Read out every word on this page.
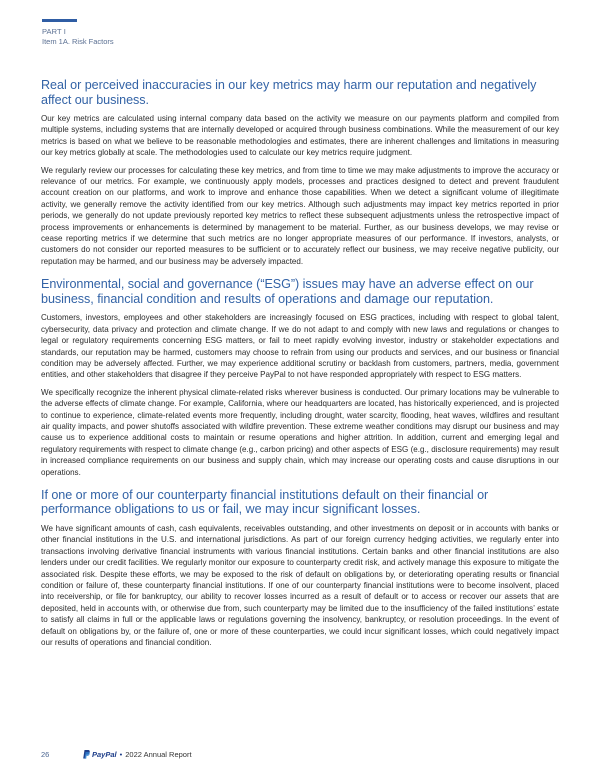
PART I
Item 1A. Risk Factors
Real or perceived inaccuracies in our key metrics may harm our reputation and negatively affect our business.

Our key metrics are calculated using internal company data based on the activity we measure on our payments platform and compiled from multiple systems, including systems that are internally developed or acquired through business combinations. While the measurement of our key metrics is based on what we believe to be reasonable methodologies and estimates, there are inherent challenges and limitations in measuring our key metrics globally at scale. The methodologies used to calculate our key metrics require judgment.

We regularly review our processes for calculating these key metrics, and from time to time we may make adjustments to improve the accuracy or relevance of our metrics. For example, we continuously apply models, processes and practices designed to detect and prevent fraudulent account creation on our platforms, and work to improve and enhance those capabilities. When we detect a significant volume of illegitimate activity, we generally remove the activity identified from our key metrics. Although such adjustments may impact key metrics reported in prior periods, we generally do not update previously reported key metrics to reflect these subsequent adjustments unless the retrospective impact of process improvements or enhancements is determined by management to be material. Further, as our business develops, we may revise or cease reporting metrics if we determine that such metrics are no longer appropriate measures of our performance. If investors, analysts, or customers do not consider our reported measures to be sufficient or to accurately reflect our business, we may receive negative publicity, our reputation may be harmed, and our business may be adversely impacted.

Environmental, social and governance (“ESG”) issues may have an adverse effect on our business, financial condition and results of operations and damage our reputation.

Customers, investors, employees and other stakeholders are increasingly focused on ESG practices, including with respect to global talent, cybersecurity, data privacy and protection and climate change. If we do not adapt to and comply with new laws and regulations or changes to legal or regulatory requirements concerning ESG matters, or fail to meet rapidly evolving investor, industry or stakeholder expectations and standards, our reputation may be harmed, customers may choose to refrain from using our products and services, and our business or financial condition may be adversely affected. Further, we may experience additional scrutiny or backlash from customers, partners, media, government entities, and other stakeholders that disagree if they perceive PayPal to not have responded appropriately with respect to ESG matters.

We specifically recognize the inherent physical climate-related risks wherever business is conducted. Our primary locations may be vulnerable to the adverse effects of climate change. For example, California, where our headquarters are located, has historically experienced, and is projected to continue to experience, climate-related events more frequently, including drought, water scarcity, flooding, heat waves, wildfires and resultant air quality impacts, and power shutoffs associated with wildfire prevention. These extreme weather conditions may disrupt our business and may cause us to experience additional costs to maintain or resume operations and higher attrition. In addition, current and emerging legal and regulatory requirements with respect to climate change (e.g., carbon pricing) and other aspects of ESG (e.g., disclosure requirements) may result in increased compliance requirements on our business and supply chain, which may increase our operating costs and cause disruptions in our operations.

If one or more of our counterparty financial institutions default on their financial or performance obligations to us or fail, we may incur significant losses.

We have significant amounts of cash, cash equivalents, receivables outstanding, and other investments on deposit or in accounts with banks or other financial institutions in the U.S. and international jurisdictions. As part of our foreign currency hedging activities, we regularly enter into transactions involving derivative financial instruments with various financial institutions. Certain banks and other financial institutions are also lenders under our credit facilities. We regularly monitor our exposure to counterparty credit risk, and actively manage this exposure to mitigate the associated risk. Despite these efforts, we may be exposed to the risk of default on obligations by, or deteriorating operating results or financial condition or failure of, these counterparty financial institutions. If one of our counterparty financial institutions were to become insolvent, placed into receivership, or file for bankruptcy, our ability to recover losses incurred as a result of default or to access or recover our assets that are deposited, held in accounts with, or otherwise due from, such counterparty may be limited due to the insufficiency of the failed institutions’ estate to satisfy all claims in full or the applicable laws or regulations governing the insolvency, bankruptcy, or resolution proceedings. In the event of default on obligations by, or the failure of, one or more of these counterparties, we could incur significant losses, which could negatively impact our results of operations and financial condition.

26	PayPal • 2022 Annual Report
